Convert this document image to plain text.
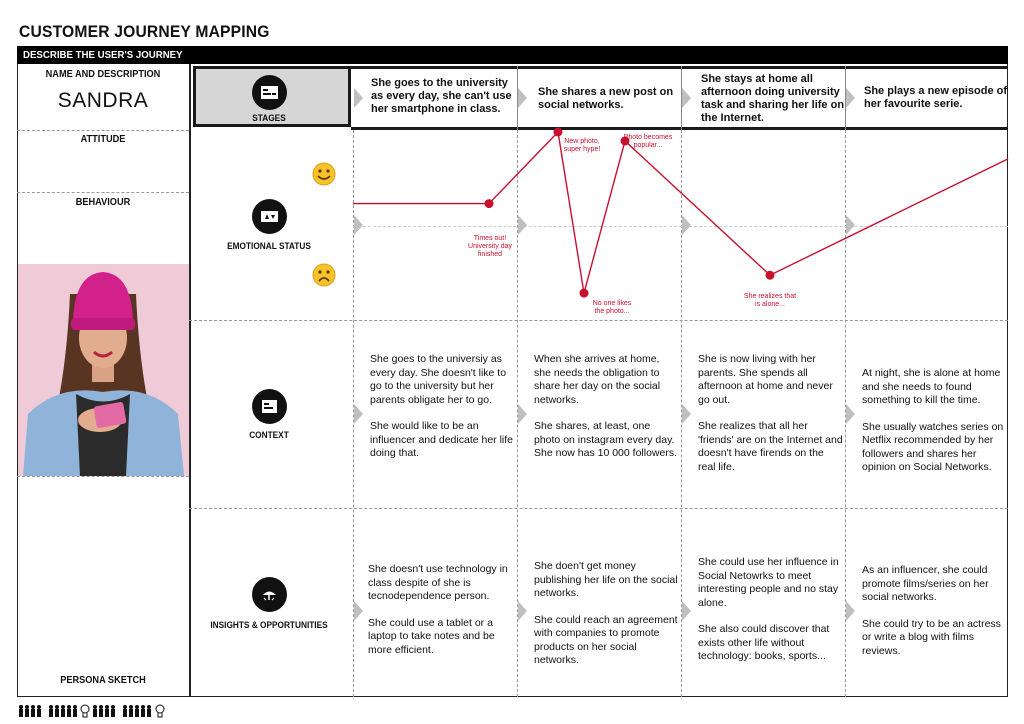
CUSTOMER JOURNEY MAPPING
DESCRIBE THE USER'S JOURNEY
NAME AND DESCRIPTION
SANDRA
ATTITUDE
BEHAVIOUR
PERSONA SKETCH
STAGES
She goes to the university as every day, she can't use her smartphone in class.
She shares a new post on social networks.
She stays at home all afternoon doing university task and sharing her life on the Internet.
She plays a new episode of her favourite serie.
EMOTIONAL STATUS
Times out! University day finished
New photo, super hype!
No one likes the photo...
Photo becomes popular...
She realizes that is alone...
CONTEXT

She goes to the universiy as every day. She doesn't like to go to the university but her parents obligate her to go.

She would like to be an influencer and dedicate her life doing that.

When she arrives at home, she needs the obligation to share her day on the social networks.

She shares, at least, one photo on instagram every day. She now has 10 000 followers.

She is now living with her parents. She spends all afternoon at home and never go out.

She realizes that all her 'friends' are on the Internet and doesn't have firends on the real life.

At night, she is alone at home and she needs to found something to kill the time.

She usually watches series on Netflix recommended by her followers and shares her opinion on Social Networks.

INSIGHTS & OPPORTUNITIES

She doesn't use technology in class despite of she is tecnodependence person.

She could use a tablet or a laptop to take notes and be more efficient.

She doen't get money publishing her life on the social networks.

She could reach an agreement with companies to promote products on her social networks.

She could use her influence in Social Netowrks to meet interesting people and no stay alone.

She also could discover that exists other life without technology: books, sports...

As an influencer, she could promote films/series on her social networks.

She could try to be an actress or write a blog with films reviews.
